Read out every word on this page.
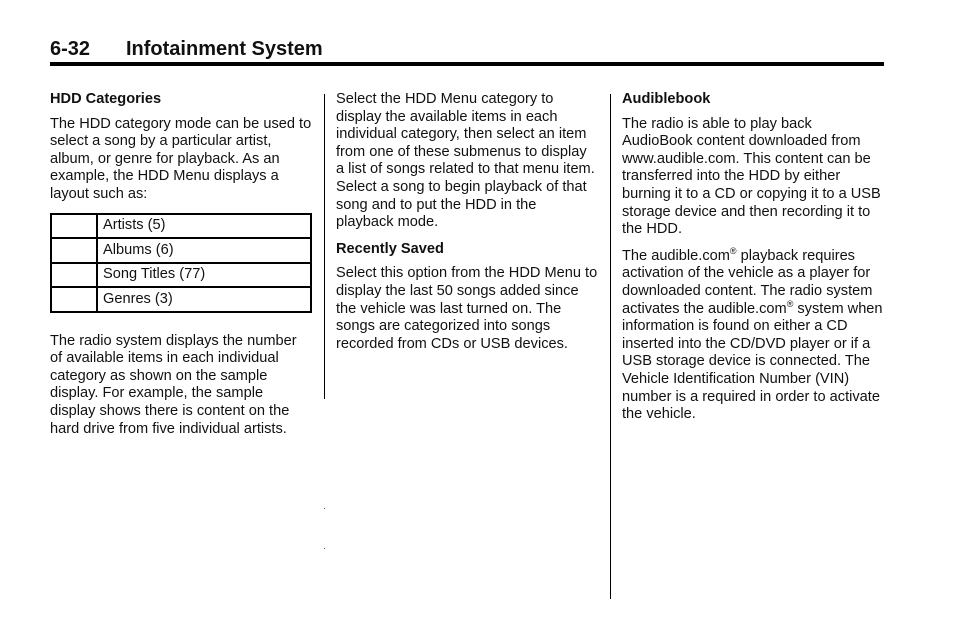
6-32 Infotainment System
HDD Categories

The HDD category mode can be used to select a song by a particular artist, album, or genre for playback. As an example, the HDD Menu displays a layout such as:

	Artists (5)
	Albums (6)
	Song Titles (77)
	Genres (3)

The radio system displays the number of available items in each individual category as shown on the sample display. For example, the sample display shows there is content on the hard drive from five individual artists.

Select the HDD Menu category to display the available items in each individual category, then select an item from one of these submenus to display a list of songs related to that menu item. Select a song to begin playback of that song and to put the HDD in the playback mode.

Recently Saved

Select this option from the HDD Menu to display the last 50 songs added since the vehicle was last turned on. The songs are categorized into songs recorded from CDs or USB devices.

Audiblebook

The radio is able to play back AudioBook content downloaded from www.audible.com. This content can be transferred into the HDD by either burning it to a CD or copying it to a USB storage device and then recording it to the HDD.

The audible.com® playback requires activation of the vehicle as a player for downloaded content. The radio system activates the audible.com® system when information is found on either a CD inserted into the CD/DVD player or if a USB storage device is connected. The Vehicle Identification Number (VIN) number is a required in order to activate the vehicle.
